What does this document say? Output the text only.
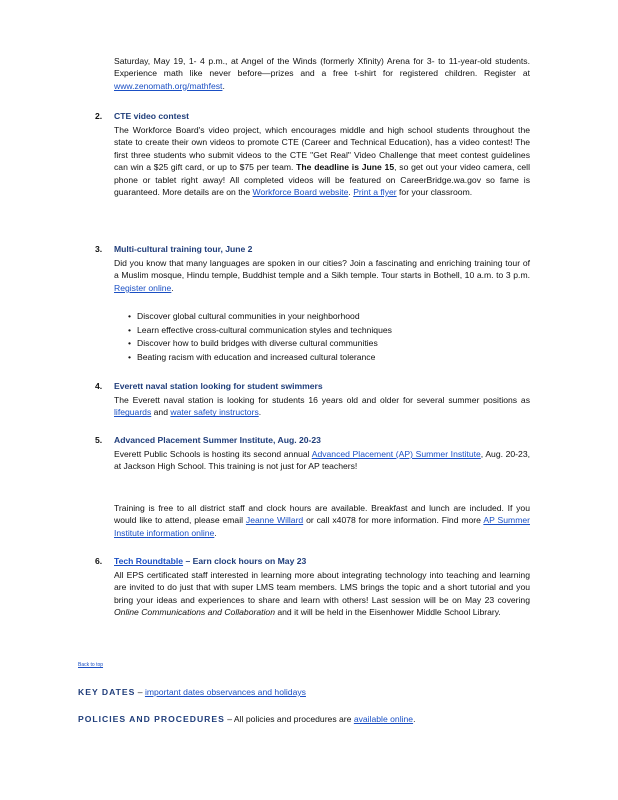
Saturday, May 19, 1- 4 p.m., at Angel of the Winds (formerly Xfinity) Arena for 3- to 11-year-old students. Experience math like never before—prizes and a free t-shirt for registered children. Register at www.zenomath.org/mathfest.
2. CTE video contest
The Workforce Board's video project, which encourages middle and high school students throughout the state to create their own videos to promote CTE (Career and Technical Education), has a video contest! The first three students who submit videos to the CTE "Get Real" Video Challenge that meet contest guidelines can win a $25 gift card, or up to $75 per team. The deadline is June 15, so get out your video camera, cell phone or tablet right away! All completed videos will be featured on CareerBridge.wa.gov so fame is guaranteed. More details are on the Workforce Board website. Print a flyer for your classroom.
3. Multi-cultural training tour, June 2
Did you know that many languages are spoken in our cities? Join a fascinating and enriching training tour of a Muslim mosque, Hindu temple, Buddhist temple and a Sikh temple. Tour starts in Bothell, 10 a.m. to 3 p.m. Register online.
• Discover global cultural communities in your neighborhood
• Learn effective cross-cultural communication styles and techniques
• Discover how to build bridges with diverse cultural communities
• Beating racism with education and increased cultural tolerance
4. Everett naval station looking for student swimmers
The Everett naval station is looking for students 16 years old and older for several summer positions as lifeguards and water safety instructors.
5. Advanced Placement Summer Institute, Aug. 20-23
Everett Public Schools is hosting its second annual Advanced Placement (AP) Summer Institute, Aug. 20-23, at Jackson High School. This training is not just for AP teachers!
Training is free to all district staff and clock hours are available. Breakfast and lunch are included. If you would like to attend, please email Jeanne Willard or call x4078 for more information. Find more AP Summer Institute information online.
6. Tech Roundtable – Earn clock hours on May 23
All EPS certificated staff interested in learning more about integrating technology into teaching and learning are invited to do just that with super LMS team members. LMS brings the topic and a short tutorial and you bring your ideas and experiences to share and learn with others! Last session will be on May 23 covering Online Communications and Collaboration and it will be held in the Eisenhower Middle School Library.
Back to top
KEY DATES – important dates observances and holidays
POLICIES AND PROCEDURES – All policies and procedures are available online.
